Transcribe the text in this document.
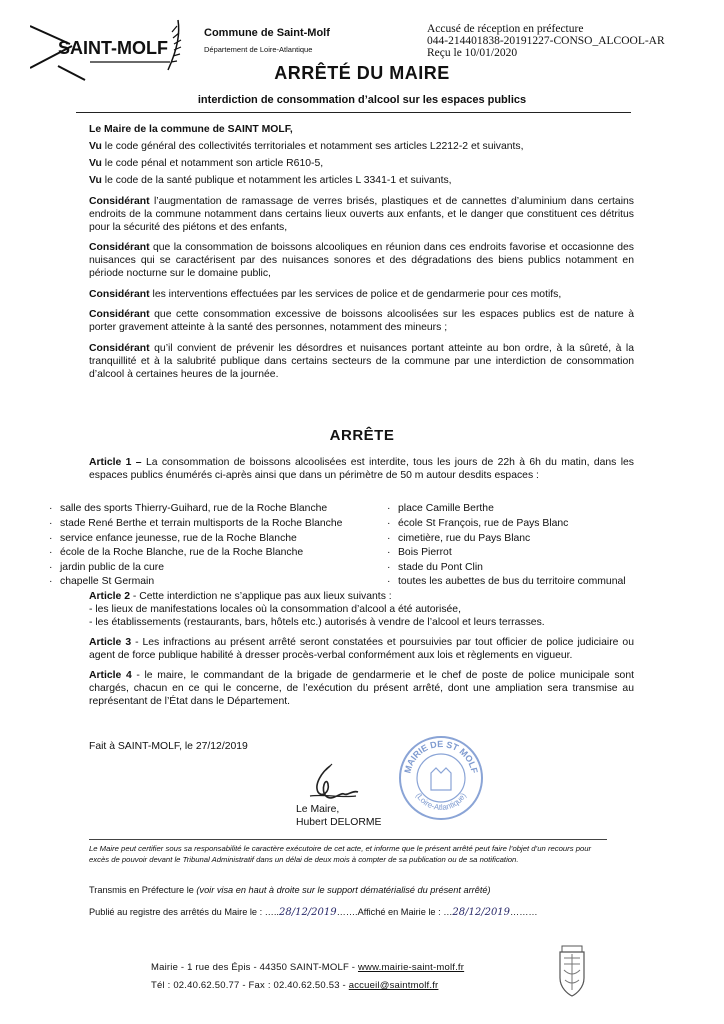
SAINT-MOLF
Commune de Saint-Molf
Département de Loire-Atlantique
Accusé de réception en préfecture
044-214401838-20191227-CONSO_ALCOOL-AR
Reçu le 10/01/2020
ARRÊTÉ DU MAIRE
interdiction de consommation d’alcool sur les espaces publics

Le Maire de la commune de SAINT MOLF,

Vu le code général des collectivités territoriales et notamment ses articles L2212-2 et suivants,

Vu le code pénal et notamment son article R610-5,

Vu le code de la santé publique et notamment les articles L 3341-1 et suivants,

Considérant l’augmentation de ramassage de verres brisés, plastiques et de cannettes d’aluminium dans certains endroits de la commune notamment dans certains lieux ouverts aux enfants, et le danger que constituent ces détritus pour la sécurité des piétons et des enfants,

Considérant que la consommation de boissons alcooliques en réunion dans ces endroits favorise et occasionne des nuisances qui se caractérisent par des nuisances sonores et des dégradations des biens publics notamment en période nocturne sur le domaine public,

Considérant les interventions effectuées par les services de police et de gendarmerie pour ces motifs,

Considérant que cette consommation excessive de boissons alcoolisées sur les espaces publics est de nature à porter gravement atteinte à la santé des personnes, notamment des mineurs ;

Considérant qu’il convient de prévenir les désordres et nuisances portant atteinte au bon ordre, à la sûreté, à la tranquillité et à la salubrité publique dans certains secteurs de la commune par une interdiction de consommation d’alcool à certaines heures de la journée.

ARRÊTE
Article 1 – La consommation de boissons alcoolisées est interdite, tous les jours de 22h à 6h du matin, dans les espaces publics énumérés ci-après ainsi que dans un périmètre de 50 m autour desdits espaces :
· salle des sports Thierry-Guihard, rue de la Roche Blanche
· stade René Berthe et terrain multisports de la Roche Blanche
· service enfance jeunesse, rue de la Roche Blanche
· école de la Roche Blanche, rue de la Roche Blanche
· jardin public de la cure
· chapelle St Germain
· place Camille Berthe
· école St François, rue de Pays Blanc
· cimetière, rue du Pays Blanc
· Bois Pierrot
· stade du Pont Clin
· toutes les aubettes de bus du territoire communal

Article 2 - Cette interdiction ne s’applique pas aux lieux suivants :
- les lieux de manifestations locales où la consommation d’alcool a été autorisée,
- les établissements (restaurants, bars, hôtels etc.) autorisés à vendre de l’alcool et leurs terrasses.

Article 3 - Les infractions au présent arrêté seront constatées et poursuivies par tout officier de police judiciaire ou agent de force publique habilité à dresser procès-verbal conformément aux lois et règlements en vigueur.

Article 4 - le maire, le commandant de la brigade de gendarmerie et le chef de poste de police municipale sont chargés, chacun en ce qui le concerne, de l’exécution du présent arrêté, dont une ampliation sera transmise au représentant de l’État dans le Département.

Fait à SAINT-MOLF, le 27/12/2019
Le Maire,
Hubert DELORME
MAIRIE DE ST MOLF
(Loire-Atlantique)
Le Maire peut certifier sous sa responsabilité le caractère exécutoire de cet acte, et informe que le présent arrêté peut faire l’objet d’un recours pour excès de pouvoir devant le Tribunal Administratif dans un délai de deux mois à compter de sa publication ou de sa notification.
Transmis en Préfecture le (voir visa en haut à droite sur le support dématérialisé du présent arrêté)
Publié au registre des arrêtés du Maire le : …..28/12/2019…….Affiché en Mairie le : …28/12/2019………
Mairie - 1 rue des Épis - 44350 SAINT-MOLF - www.mairie-saint-molf.fr
Tél : 02.40.62.50.77 - Fax : 02.40.62.50.53 - accueil@saintmolf.fr
